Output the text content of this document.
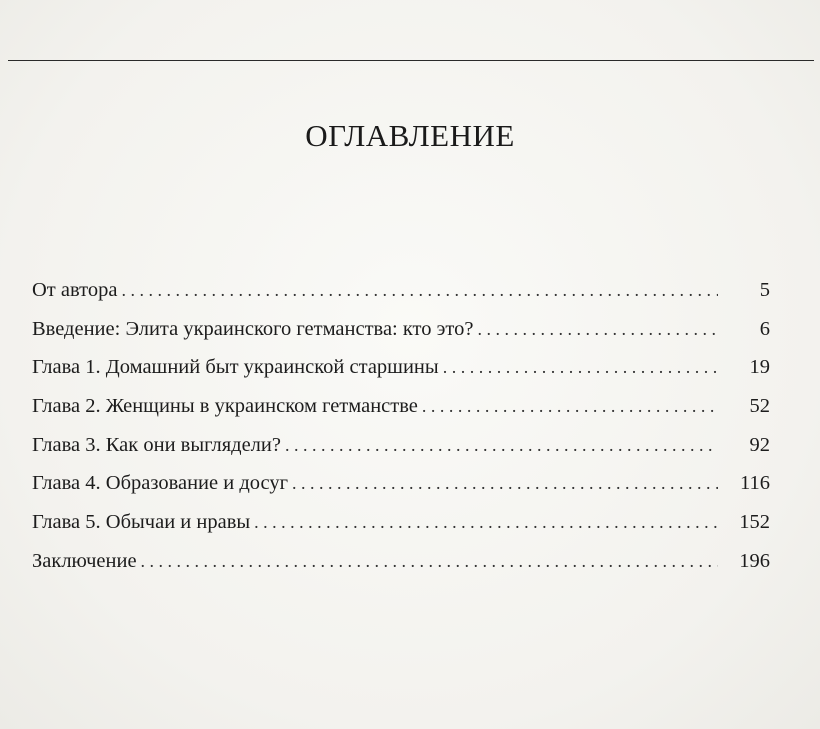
ОГЛАВЛЕНИЕ
От автора . . .	5
Введение: Элита украинского гетманства: кто это? . . .	6
Глава 1. Домашний быт украинской старшины . . .	19
Глава 2. Женщины в украинском гетманстве . . .	52
Глава 3. Как они выглядели? . . .	92
Глава 4. Образование и досуг . . .	116
Глава 5. Обычаи и нравы . . .	152
Заключение . . .	196
